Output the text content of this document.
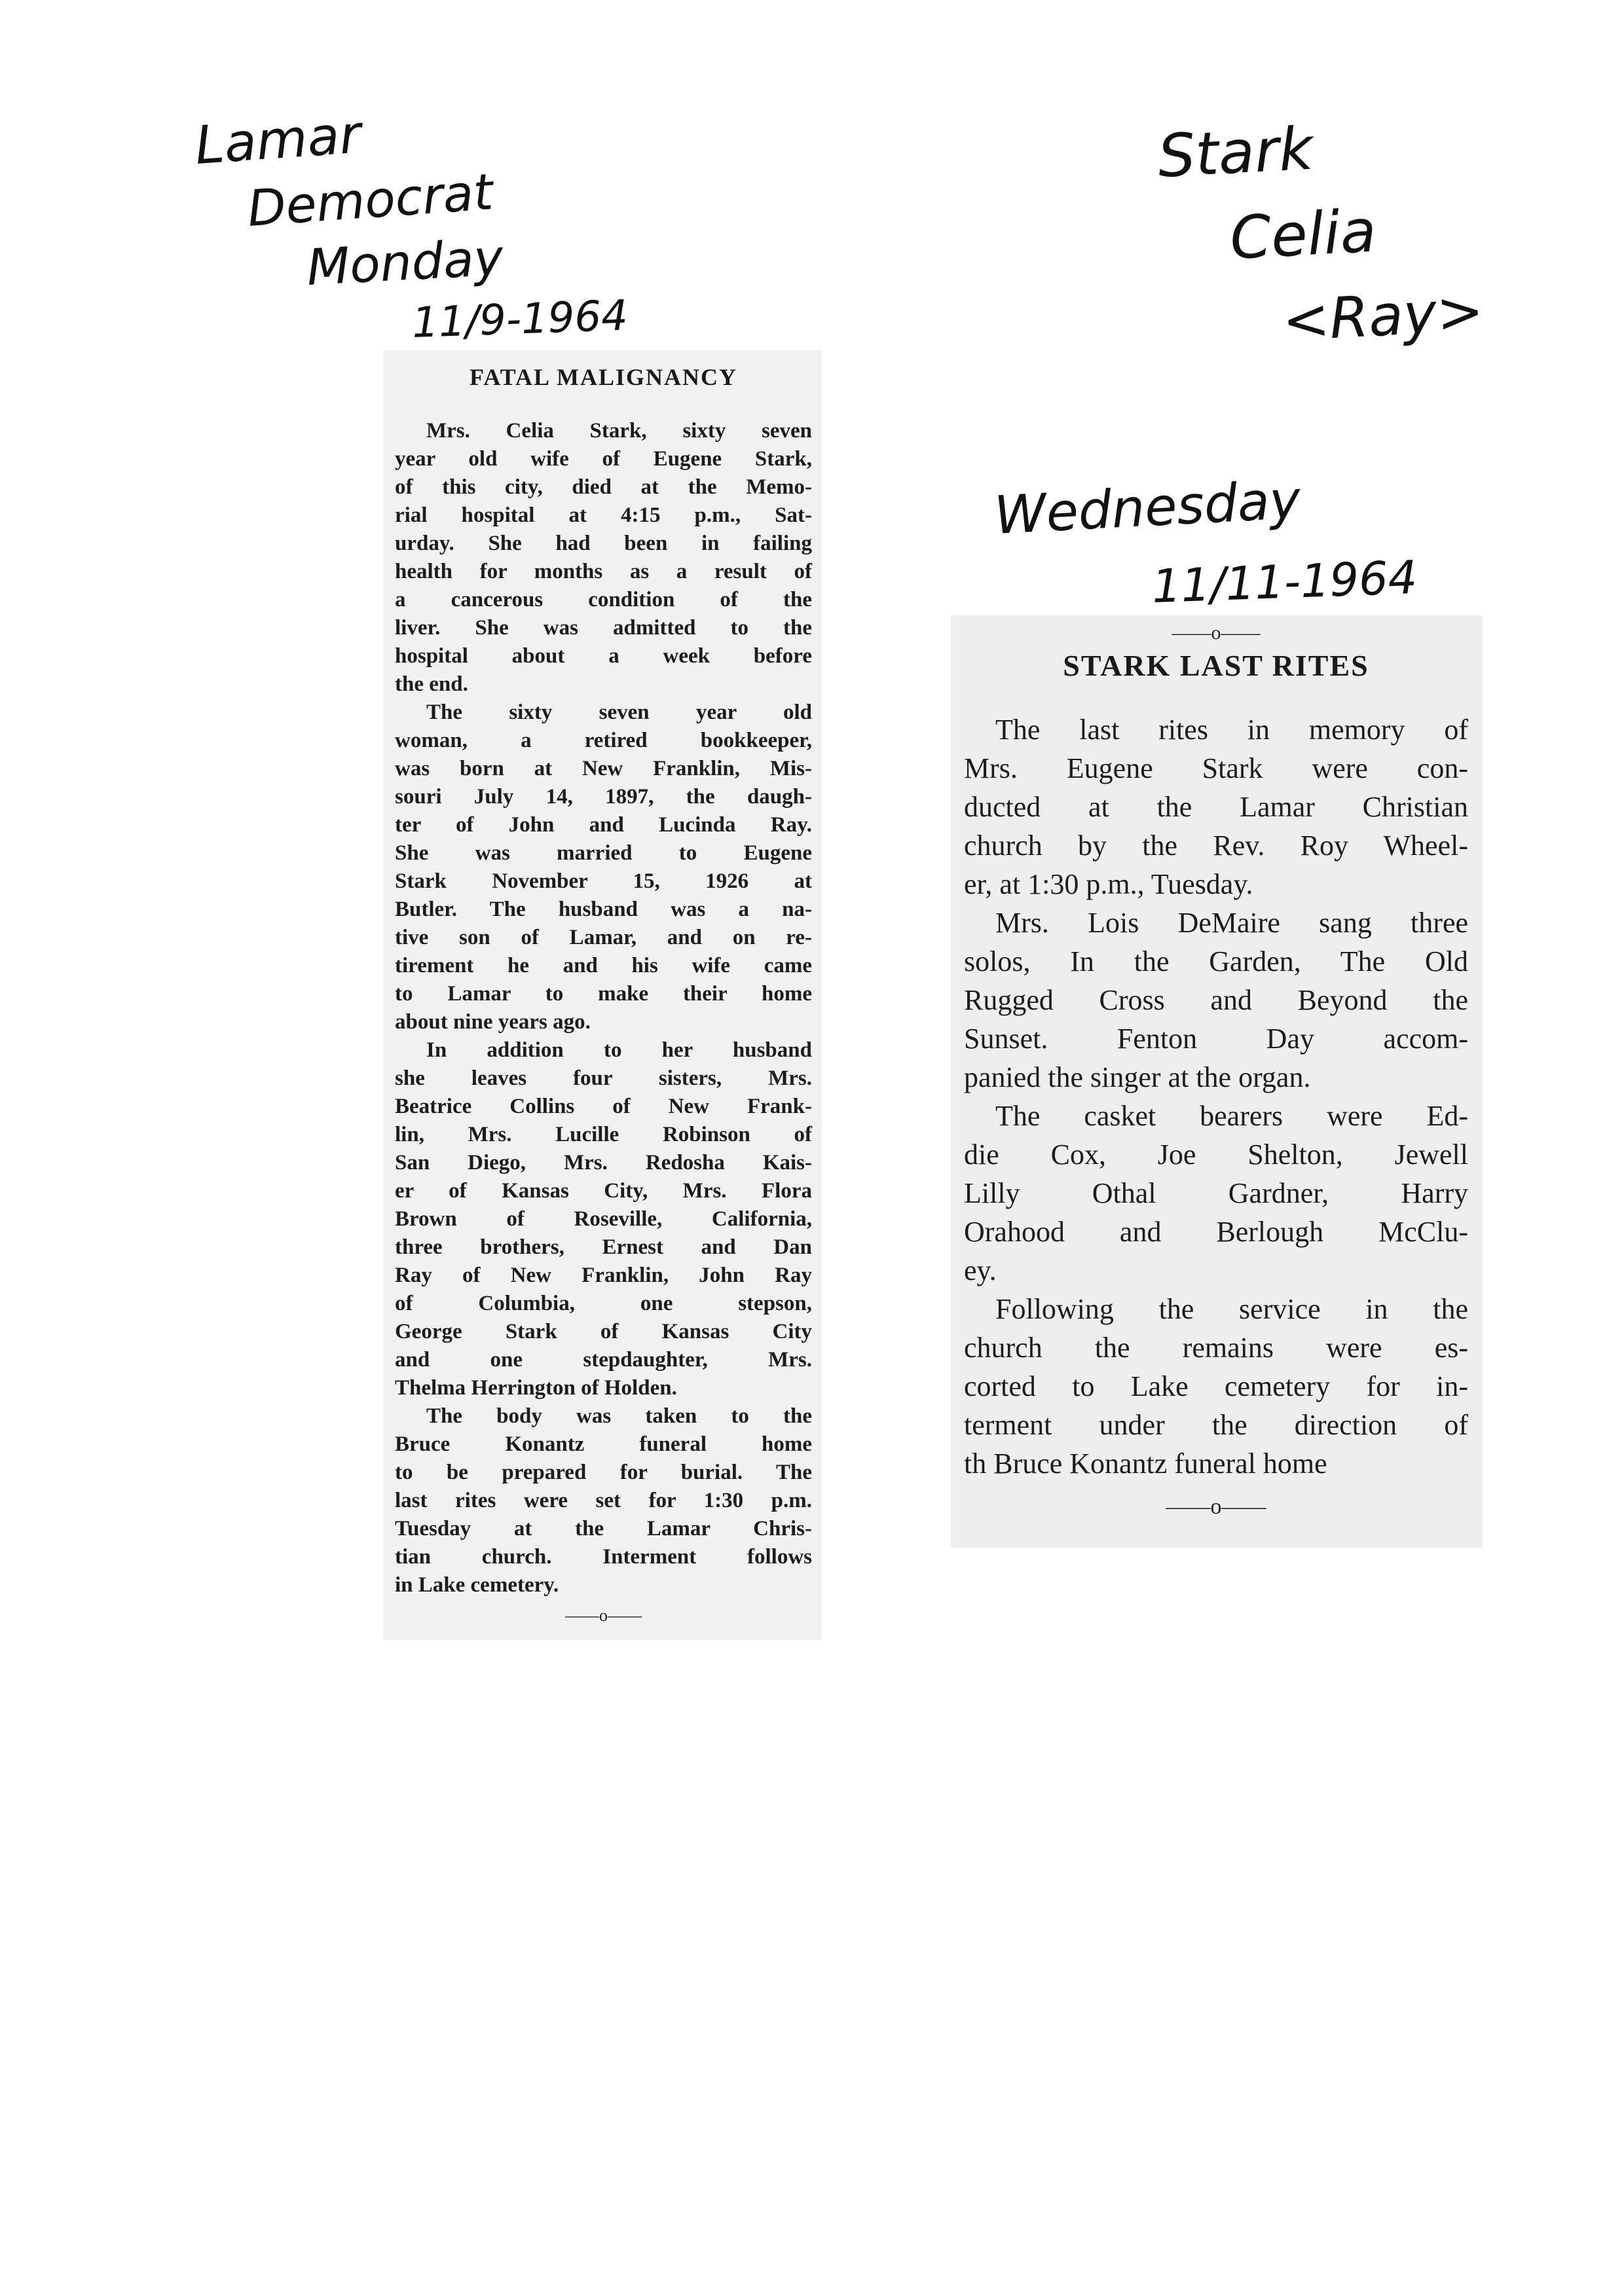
Lamar
Democrat
Monday
11/9-1964
Stark
Celia
<Ray>
Wednesday
11/11-1964
FATAL MALIGNANCY
Mrs. Celia Stark, sixty seven
year old wife of Eugene Stark,
of this city, died at the Memo-
rial hospital at 4:15 p.m., Sat-
urday. She had been in failing
health for months as a result of
a cancerous condition of the
liver. She was admitted to the
hospital about a week before
the end.
The sixty seven year old
woman, a retired bookkeeper,
was born at New Franklin, Mis-
souri July 14, 1897, the daugh-
ter of John and Lucinda Ray.
She was married to Eugene
Stark November 15, 1926 at
Butler. The husband was a na-
tive son of Lamar, and on re-
tirement he and his wife came
to Lamar to make their home
about nine years ago.
In addition to her husband
she leaves four sisters, Mrs.
Beatrice Collins of New Frank-
lin, Mrs. Lucille Robinson of
San Diego, Mrs. Redosha Kais-
er of Kansas City, Mrs. Flora
Brown of Roseville, California,
three brothers, Ernest and Dan
Ray of New Franklin, John Ray
of Columbia, one stepson,
George Stark of Kansas City
and one stepdaughter, Mrs.
Thelma Herrington of Holden.
The body was taken to the
Bruce Konantz funeral home
to be prepared for burial. The
last rites were set for 1:30 p.m.
Tuesday at the Lamar Chris-
tian church. Interment follows
in Lake cemetery.
——o——
——o——
STARK LAST RITES
The last rites in memory of
Mrs. Eugene Stark were con-
ducted at the Lamar Christian
church by the Rev. Roy Wheel-
er, at 1:30 p.m., Tuesday.
Mrs. Lois DeMaire sang three
solos, In the Garden, The Old
Rugged Cross and Beyond the
Sunset. Fenton Day accom-
panied the singer at the organ.
The casket bearers were Ed-
die Cox, Joe Shelton, Jewell
Lilly Othal Gardner, Harry
Orahood and Berlough McClu-
ey.
Following the service in the
church the remains were es-
corted to Lake cemetery for in-
terment under the direction of
th Bruce Konantz funeral home
——o——
